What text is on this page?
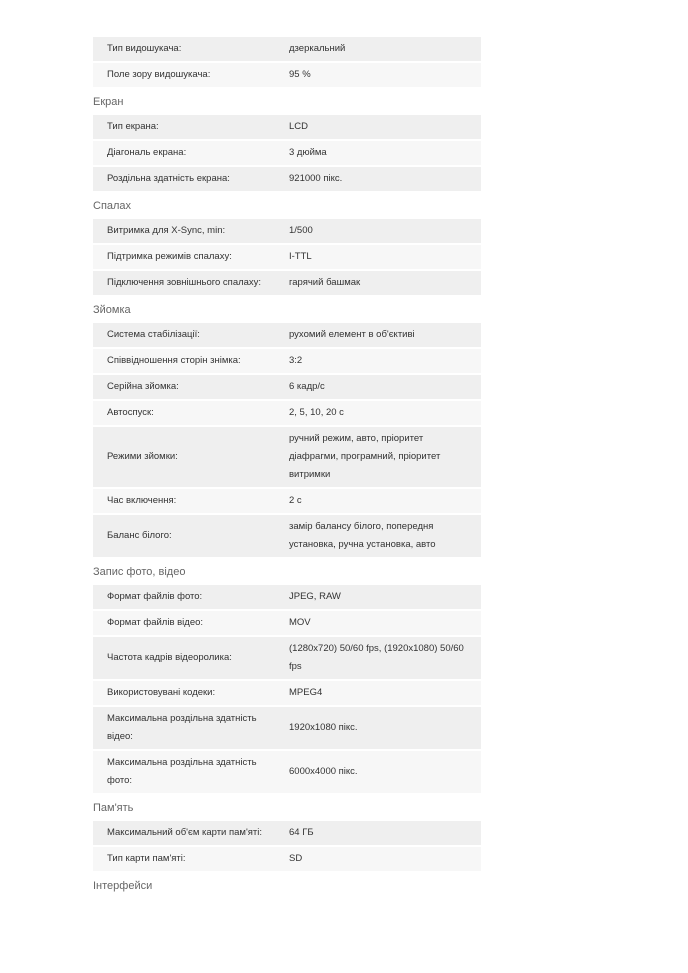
Тип видошукача:	дзеркальний
Поле зору видошукача:	95 %
Екран
Тип екрана:	LCD
Діагональ екрана:	3 дюйма
Роздільна здатність екрана:	921000 пікс.
Спалах
Витримка для X-Sync, min:	1/500
Підтримка режимів спалаху:	I-TTL
Підключення зовнішнього спалаху:	гарячий башмак
Зйомка
Система стабілізації:	рухомий елемент в об'єктиві
Співвідношення сторін знімка:	3:2
Серійна зйомка:	6 кадр/с
Автоспуск:	2, 5, 10, 20 с
Режими зйомки:
ручний режим, авто, пріоритет діафрагми, програмний, пріоритет витримки
Час включення:	2 с
Баланс білого:
замір балансу білого, попередня установка, ручна установка, авто
Запис фото, відео
Формат файлів фото:	JPEG, RAW
Формат файлів відео:	MOV
Частота кадрів відеоролика:
(1280x720) 50/60 fps, (1920x1080) 50/60 fps
Використовувані кодеки:	MPEG4
Максимальна роздільна здатність відео:
1920x1080 пікс.
Максимальна роздільна здатність фото:
6000x4000 пікс.
Пам'ять
Максимальний об'єм карти пам'яті:	64 ГБ
Тип карти пам'яті:	SD
Інтерфейси
